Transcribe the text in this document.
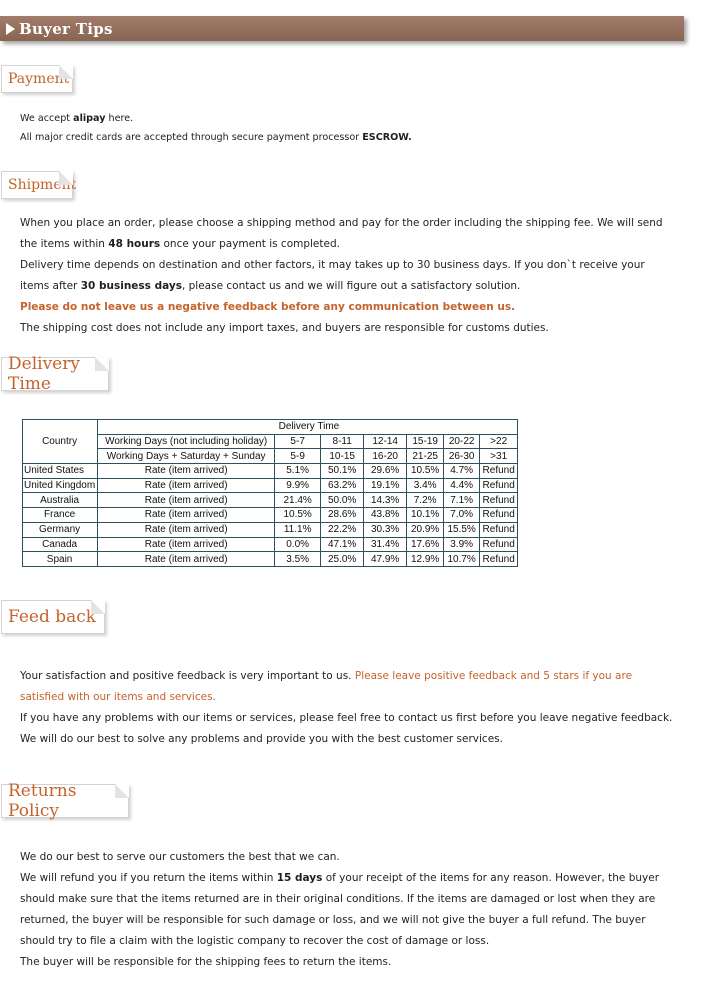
Buyer Tips
Payment

We accept alipay here.

All major credit cards are accepted through secure payment processor ESCROW.

Shipment

When you place an order, please choose a shipping method and pay for the order including the shipping fee. We will send the items within 48 hours once your payment is completed.

Delivery time depends on destination and other factors, it may takes up to 30 business days. If you don`t receive your items after 30 business days, please contact us and we will figure out a satisfactory solution.

Please do not leave us a negative feedback before any communication between us.

The shipping cost does not include any import taxes, and buyers are responsible for customs duties.

Delivery Time
Country		Delivery Time					
	Working Days (not including holiday)	5-7	8-11	12-14	15-19	20-22	>22
	Working Days + Saturday + Sunday	5-9	10-15	16-20	21-25	26-30	>31
United States	Rate (item arrived)	5.1%	50.1%	29.6%	10.5%	4.7%	Refund
United Kingdom	Rate (item arrived)	9.9%	63.2%	19.1%	3.4%	4.4%	Refund
Australia	Rate (item arrived)	21.4%	50.0%	14.3%	7.2%	7.1%	Refund
France	Rate (item arrived)	10.5%	28.6%	43.8%	10.1%	7.0%	Refund
Germany	Rate (item arrived)	11.1%	22.2%	30.3%	20.9%	15.5%	Refund
Canada	Rate (item arrived)	0.0%	47.1%	31.4%	17.6%	3.9%	Refund
Spain	Rate (item arrived)	3.5%	25.0%	47.9%	12.9%	10.7%	Refund
Feed back

Your satisfaction and positive feedback is very important to us. Please leave positive feedback and 5 stars if you are satisfied with our items and services.

If you have any problems with our items or services, please feel free to contact us first before you leave negative feedback. We will do our best to solve any problems and provide you with the best customer services.

Returns Policy

We do our best to serve our customers the best that we can.

We will refund you if you return the items within 15 days of your receipt of the items for any reason. However, the buyer should make sure that the items returned are in their original conditions. If the items are damaged or lost when they are returned, the buyer will be responsible for such damage or loss, and we will not give the buyer a full refund. The buyer should try to file a claim with the logistic company to recover the cost of damage or loss.

The buyer will be responsible for the shipping fees to return the items.
